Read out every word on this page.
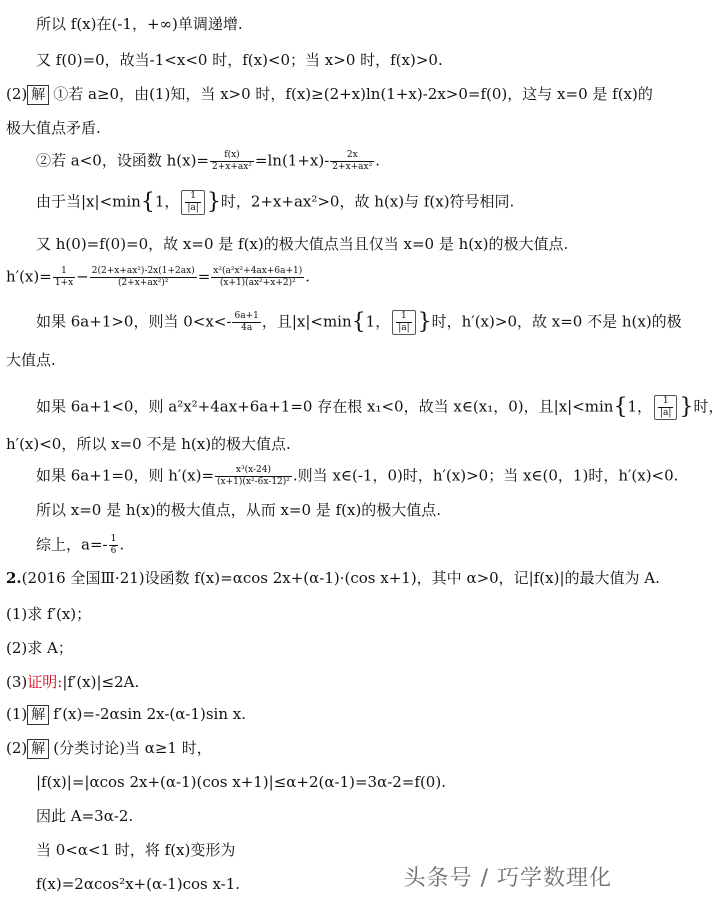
所以 f(x)在(-1，+∞)单调递增.
又 f(0)=0，故当-1<x<0 时，f(x)<0；当 x>0 时，f(x)>0.
(2) 解 ①若 a≥0，由(1)知，当 x>0 时，f(x)≥(2+x)ln(1+x)-2x>0=f(0)，这与 x=0 是 f(x)的
极大值点矛盾.
②若 a<0，设函数 $h(x)= \frac{f(x)}{\text{2+x+ax²}} =\ln(1+x)- \frac{2x}{\text{2+x+ax²}}$ .
由于当|x|<min{1， $\frac{1}{|a|}$ }时，2+x+ax²>0，故 h(x)与 f(x)符号相同.
又 h(0)=f(0)=0，故 x=0 是 f(x)的极大值点当且仅当 x=0 是 h(x)的极大值点.
$h'(x)= \frac{1}{1+x} - \frac{\text{2(2+x+ax²)-2x(1+2ax)}}{\text{(2+x+ax²)²}} = \frac{\text{x²(a²x²+4ax+6a+1)}}{\text{(x+1)(ax²+x+2)²}}$ .
如果 6a+1>0，则当 $0<x<- \frac{6a+1}{4a}$ ，且|x|<min{1， $\frac{1}{|a|}$ }时，h′(x)>0，故 x=0 不是 h(x)的极
大值点.
如果 6a+1<0，则 a²x²+4ax+6a+1=0 存在根 x₁<0，故当 x∈(x₁，0)，且|x|<min{1， $\frac{1}{|a|}$ }时，
h′(x)<0，所以 x=0 不是 h(x)的极大值点.
如果 6a+1=0，则 $h'(x)= \frac{\text{x³(x-24)}}{\text{(x+1)(x²-6x-12)²}}$ .则当 x∈(-1，0)时，h′(x)>0；当 x∈(0，1)时，h′(x)<0.
所以 x=0 是 h(x)的极大值点，从而 x=0 是 f(x)的极大值点.
综上，$a=- \frac{1}{6}$ .
2.(2016 全国Ⅲ·21)设函数 f(x)=αcos 2x+(α-1)·(cos x+1)，其中 α>0，记|f(x)|的最大值为 A.
(1)求 f′(x)；
(2)求 A；
(3)证明:|f′(x)|≤2A.
(1) 解 f′(x)=-2αsin 2x-(α-1)sin x.
(2) 解 (分类讨论)当 α≥1 时，
|f(x)|=|αcos 2x+(α-1)(cos x+1)|≤α+2(α-1)=3α-2=f(0).
因此 A=3α-2.
当 0<α<1 时，将 f(x)变形为
f(x)=2αcos²x+(α-1)cos x-1.	头条号 / 巧学数理化
